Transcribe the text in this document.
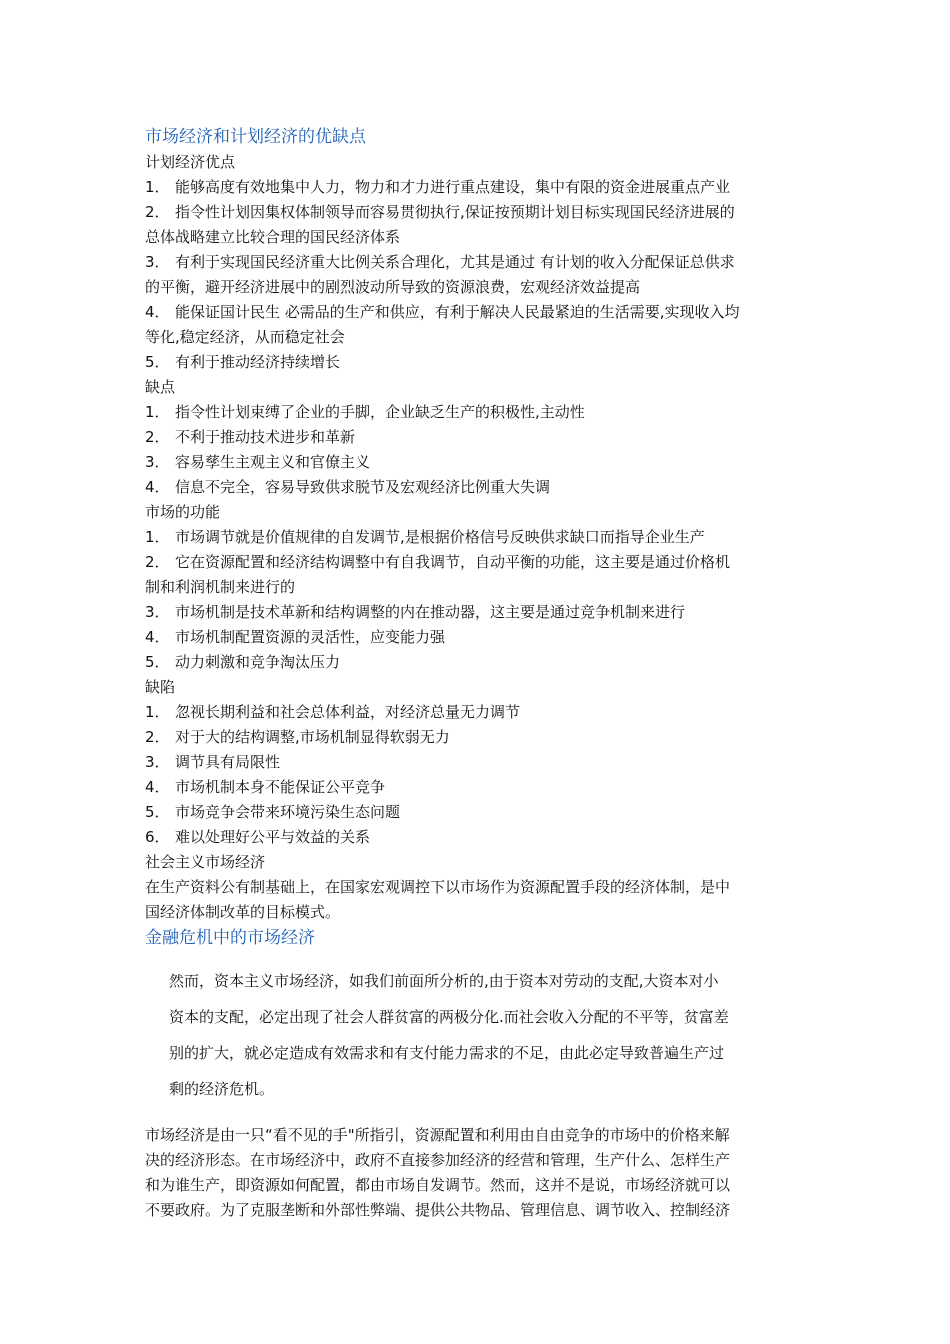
市场经济和计划经济的优缺点

计划经济优点

1． 能够高度有效地集中人力，物力和才力进行重点建设，集中有限的资金进展重点产业

2． 指令性计划因集权体制领导而容易贯彻执行,保证按预期计划目标实现国民经济进展的

总体战略建立比较合理的国民经济体系

3． 有利于实现国民经济重大比例关系合理化，尤其是通过 有计划的收入分配保证总供求

的平衡，避开经济进展中的剧烈波动所导致的资源浪费，宏观经济效益提高

4． 能保证国计民生 必需品的生产和供应，有利于解决人民最紧迫的生活需要,实现收入均

等化,稳定经济，从而稳定社会

5． 有利于推动经济持续增长

缺点

1． 指令性计划束缚了企业的手脚，企业缺乏生产的积极性,主动性

2． 不利于推动技术进步和革新

3． 容易孳生主观主义和官僚主义

4． 信息不完全，容易导致供求脱节及宏观经济比例重大失调

市场的功能

1． 市场调节就是价值规律的自发调节,是根据价格信号反映供求缺口而指导企业生产

2． 它在资源配置和经济结构调整中有自我调节，自动平衡的功能，这主要是通过价格机

制和利润机制来进行的

3． 市场机制是技术革新和结构调整的内在推动器，这主要是通过竞争机制来进行

4． 市场机制配置资源的灵活性，应变能力强

5． 动力刺激和竞争淘汰压力

缺陷

1． 忽视长期利益和社会总体利益，对经济总量无力调节

2． 对于大的结构调整,市场机制显得软弱无力

3． 调节具有局限性

4． 市场机制本身不能保证公平竞争

5． 市场竞争会带来环境污染生态问题

6． 难以处理好公平与效益的关系

社会主义市场经济

在生产资料公有制基础上，在国家宏观调控下以市场作为资源配置手段的经济体制，是中

国经济体制改革的目标模式。

金融危机中的市场经济

然而，资本主义市场经济，如我们前面所分析的,由于资本对劳动的支配,大资本对小

资本的支配，必定出现了社会人群贫富的两极分化.而社会收入分配的不平等，贫富差

别的扩大，就必定造成有效需求和有支付能力需求的不足，由此必定导致普遍生产过

剩的经济危机。

市场经济是由一只“看不见的手"所指引，资源配置和利用由自由竞争的市场中的价格来解
决的经济形态。在市场经济中，政府不直接参加经济的经营和管理，生产什么、怎样生产
和为谁生产，即资源如何配置，都由市场自发调节。然而，这并不是说，市场经济就可以
不要政府。为了克服垄断和外部性弊端、提供公共物品、管理信息、调节收入、控制经济
